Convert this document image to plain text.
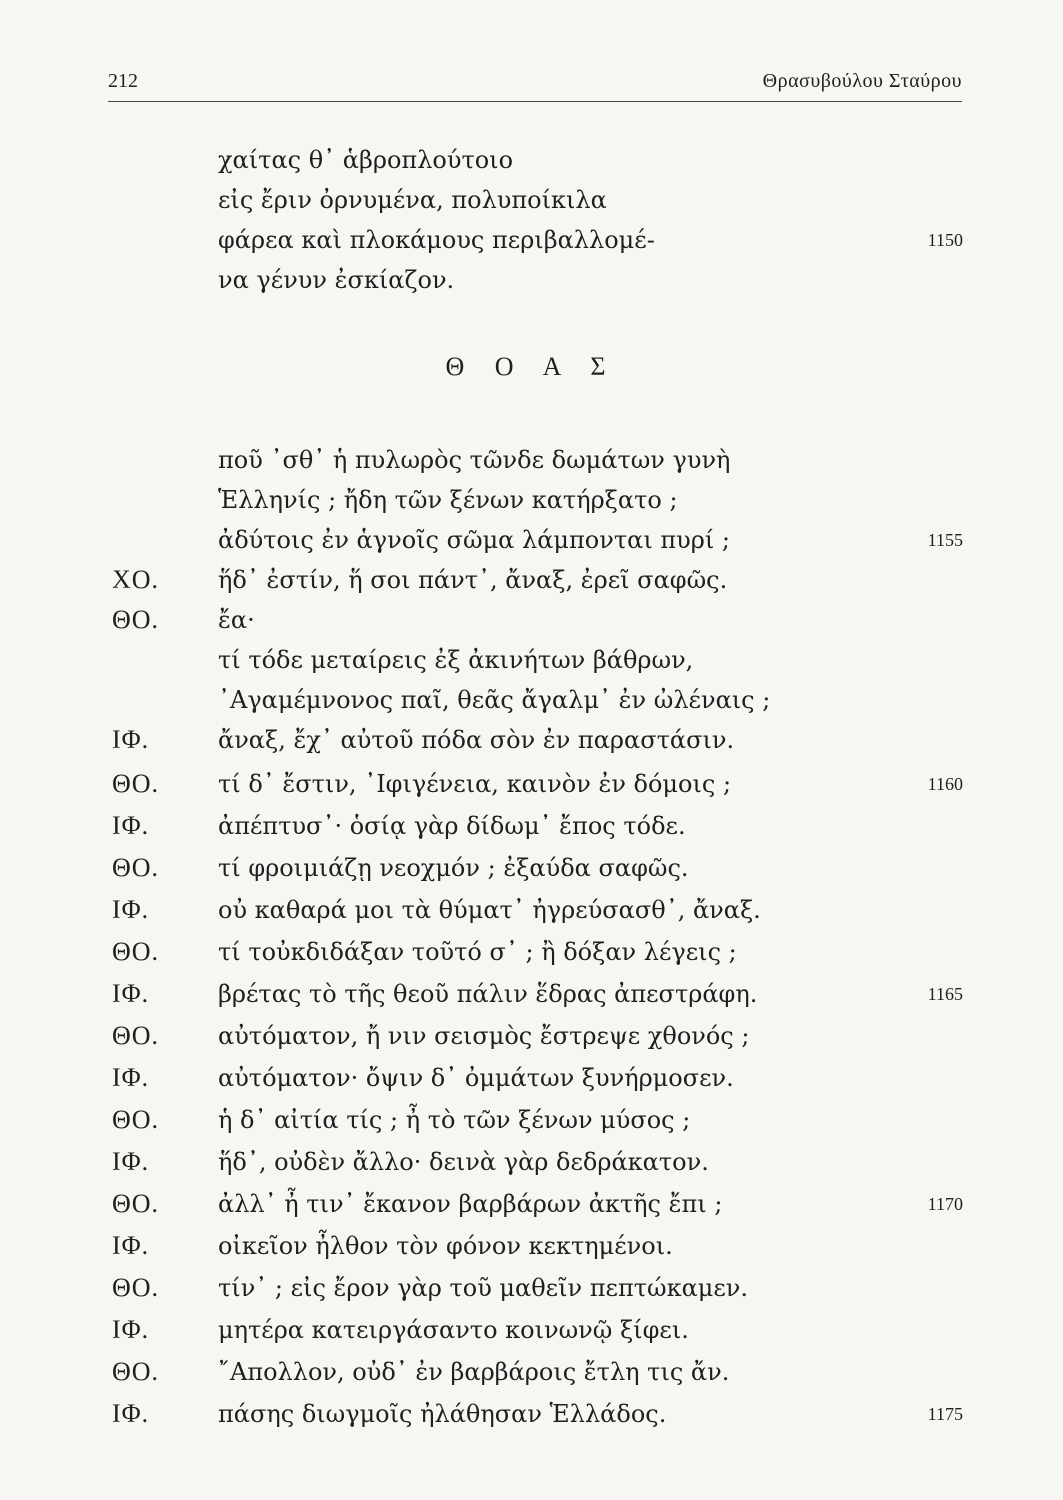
212	Θρασυβούλου Σταύρου
Θ Ο Α Σ
χαίτας θ᾽ ἁβροπλούτοιο
εἰς ἔριν ὀρνυμένα, πολυποίκιλα
φάρεα καὶ πλοκάμους περιβαλλομέ-	1150
να γένυν ἐσκίαζον.
ποῦ ᾽σθ᾽ ἡ πυλωρὸς τῶνδε δωμάτων γυνὴ
Ἑλληνίς ; ἤδη τῶν ξένων κατήρξατο ;
ἀδύτοις ἐν ἁγνοῖς σῶμα λάμπονται πυρί ;	1155
ΧΟ. ἥδ᾽ ἐστίν, ἥ σοι πάντ᾽, ἄναξ, ἐρεῖ σαφῶς.
ΘΟ. ἔα·
τί τόδε μεταίρεις ἐξ ἀκινήτων βάθρων,
᾽Αγαμέμνονος παῖ, θεᾶς ἄγαλμ᾽ ἐν ὠλέναις ;
ΙΦ.	ἄναξ, ἔχ᾽ αὐτοῦ πόδα σὸν ἐν παραστάσιν.
ΘΟ. τί δ᾽ ἔστιν, ᾽Ιφιγένεια, καινὸν ἐν δόμοις ;	1160
ΙΦ.	ἀπέπτυσ᾽· ὁσίᾳ γὰρ δίδωμ᾽ ἔπος τόδε.
ΘΟ. τί φροιμιάζῃ νεοχμόν ; ἐξαύδα σαφῶς.
ΙΦ.	οὐ καθαρά μοι τὰ θύματ᾽ ἠγρεύσασθ᾽, ἄναξ.
ΘΟ. τί τοὐκδιδάξαν τοῦτό σ᾽ ; ἢ δόξαν λέγεις ;
ΙΦ.	βρέτας τὸ τῆς θεοῦ πάλιν ἕδρας ἀπεστράφη.	1165
ΘΟ. αὐτόματον, ἤ νιν σεισμὸς ἔστρεψε χθονός ;
ΙΦ.	αὐτόματον· ὄψιν δ᾽ ὀμμάτων ξυνήρμοσεν.
ΘΟ. ἡ δ᾽ αἰτία τίς ; ἦ τὸ τῶν ξένων μύσος ;
ΙΦ.	ἥδ᾽, οὐδὲν ἄλλο· δεινὰ γὰρ δεδράκατον.
ΘΟ. ἀλλ᾽ ἦ τιν᾽ ἔκανον βαρβάρων ἀκτῆς ἔπι ;	1170
ΙΦ.	οἰκεῖον ἦλθον τὸν φόνον κεκτημένοι.
ΘΟ. τίν᾽ ; εἰς ἔρον γὰρ τοῦ μαθεῖν πεπτώκαμεν.
ΙΦ.	μητέρα κατειργάσαντο κοινωνῷ ξίφει.
ΘΟ. ῎Απολλον, οὐδ᾽ ἐν βαρβάροις ἔτλη τις ἄν.
ΙΦ.	πάσης διωγμοῖς ἠλάθησαν Ἑλλάδος.	1175
